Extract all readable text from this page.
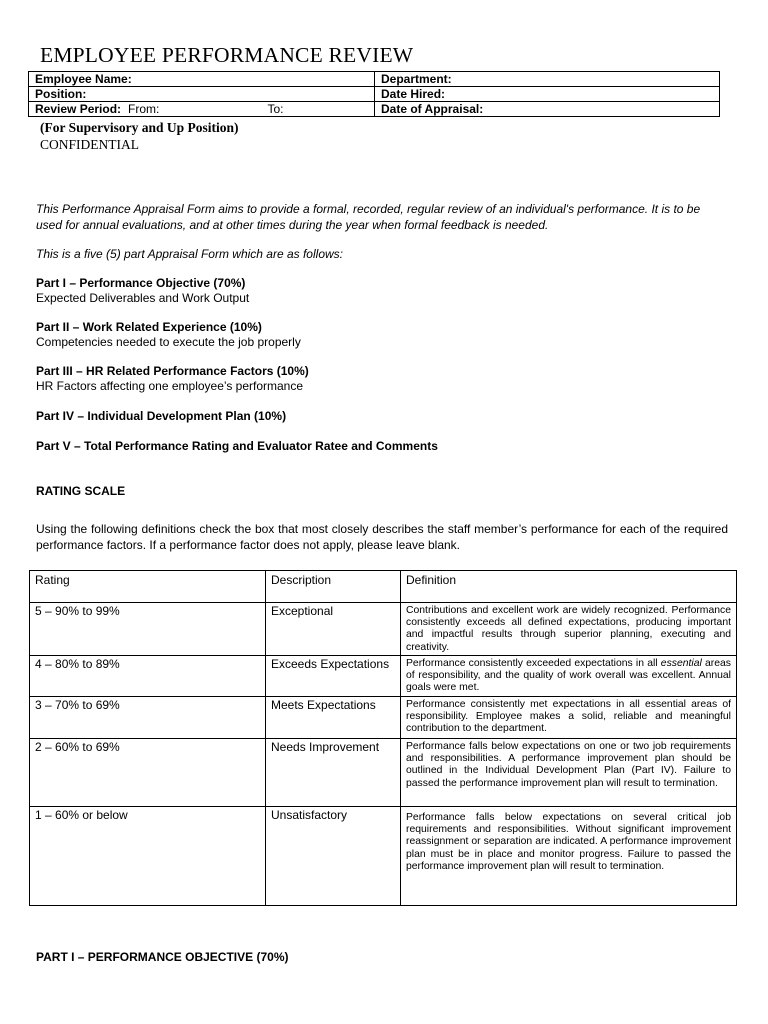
EMPLOYEE PERFORMANCE REVIEW
Employee Name:	Department:
Position:	Date Hired:
Review Period: From: To:	Date of Appraisal:
(For Supervisory and Up Position)
CONFIDENTIAL
This Performance Appraisal Form aims to provide a formal, recorded, regular review of an individual's performance. It is to be used for annual evaluations, and at other times during the year when formal feedback is needed.
This is a five (5) part Appraisal Form which are as follows:
Part I – Performance Objective (70%)
Expected Deliverables and Work Output
Part II – Work Related Experience (10%)
Competencies needed to execute the job properly
Part III – HR Related Performance Factors (10%)
HR Factors affecting one employee’s performance
Part IV – Individual Development Plan (10%)
Part V – Total Performance Rating and Evaluator Ratee and Comments
RATING SCALE
Using the following definitions check the box that most closely describes the staff member’s performance for each of the required performance factors. If a performance factor does not apply, please leave blank.
Rating	Description	Definition
5 – 90% to 99%	Exceptional	Contributions and excellent work are widely recognized. Performance consistently exceeds all defined expectations, producing important and impactful results through superior planning, executing and creativity.
4 – 80% to 89%	Exceeds Expectations	Performance consistently exceeded expectations in all essential areas of responsibility, and the quality of work overall was excellent. Annual goals were met.
3 – 70% to 69%	Meets Expectations	Performance consistently met expectations in all essential areas of responsibility. Employee makes a solid, reliable and meaningful contribution to the department.
2 – 60% to 69%	Needs Improvement	Performance falls below expectations on one or two job requirements and responsibilities. A performance improvement plan should be outlined in the Individual Development Plan (Part IV). Failure to passed the performance improvement plan will result to termination.
1 – 60% or below	Unsatisfactory	Performance falls below expectations on several critical job requirements and responsibilities. Without significant improvement reassignment or separation are indicated. A performance improvement plan must be in place and monitor progress. Failure to passed the performance improvement plan will result to termination.
PART I – PERFORMANCE OBJECTIVE (70%)
